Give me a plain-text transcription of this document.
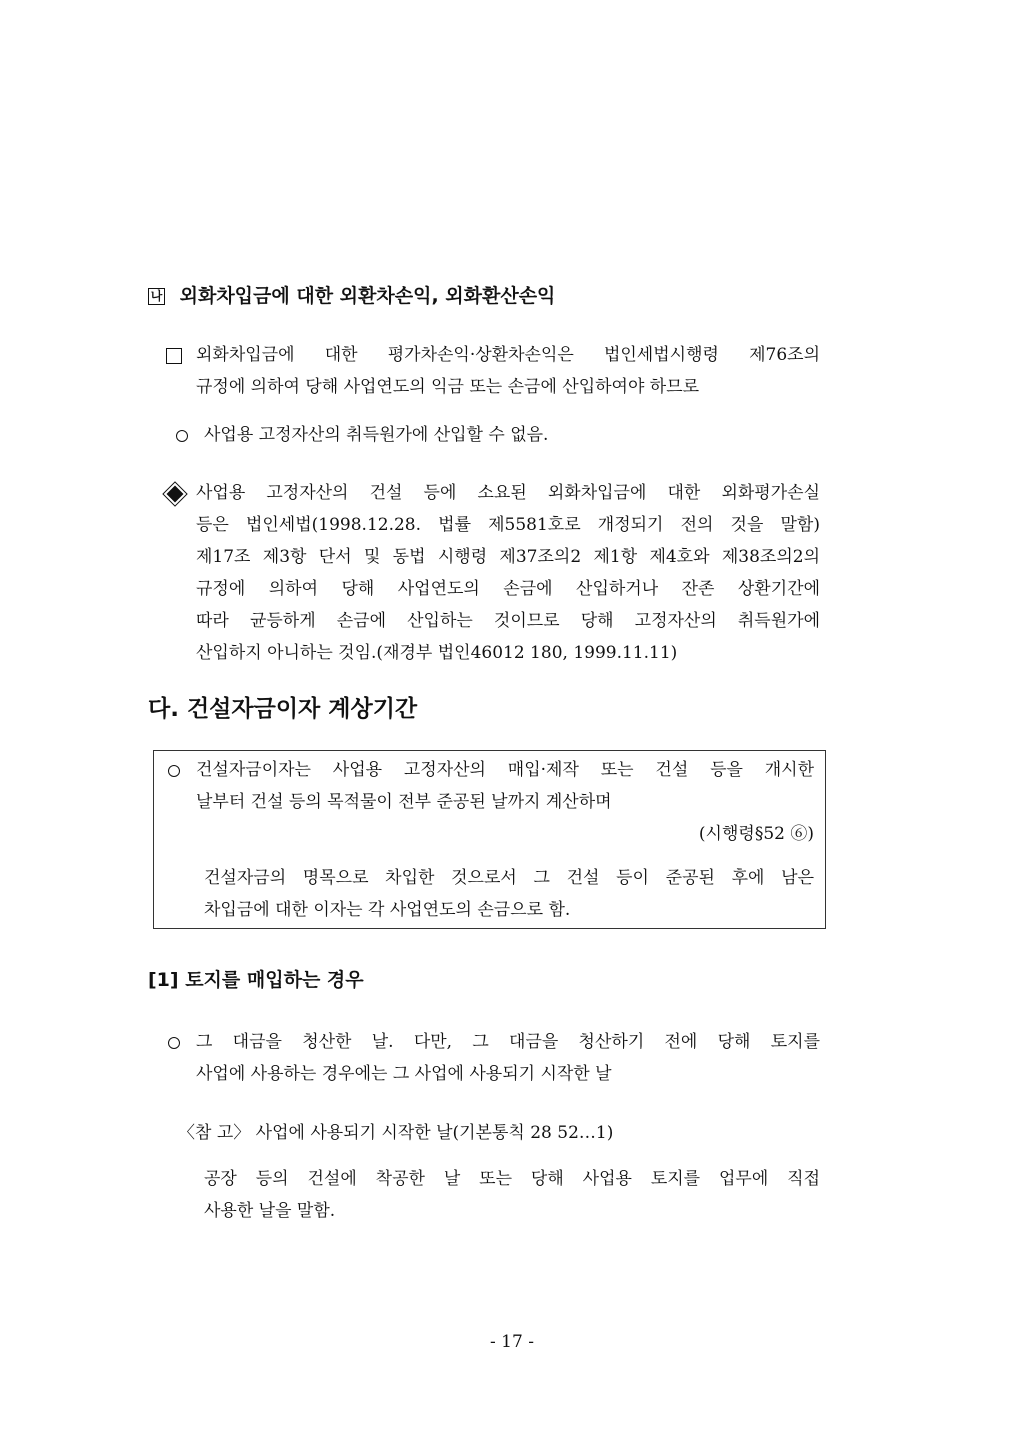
나 외화차입금에 대한 외환차손익, 외화환산손익
외화차입금에 대한 평가차손익·상환차손익은 법인세법시행령 제76조의
규정에 의하여 당해 사업연도의 익금 또는 손금에 산입하여야 하므로
사업용 고정자산의 취득원가에 산입할 수 없음.
사업용 고정자산의 건설 등에 소요된 외화차입금에 대한 외화평가손실
등은 법인세법(1998.12.28. 법률 제5581호로 개정되기 전의 것을 말함)
제17조 제3항 단서 및 동법 시행령 제37조의2 제1항 제4호와 제38조의2의
규정에 의하여 당해 사업연도의 손금에 산입하거나 잔존 상환기간에
따라 균등하게 손금에 산입하는 것이므로 당해 고정자산의 취득원가에
산입하지 아니하는 것임.(재경부 법인46012 180, 1999.11.11)
다. 건설자금이자 계상기간
건설자금이자는 사업용 고정자산의 매입·제작 또는 건설 등을 개시한
날부터 건설 등의 목적물이 전부 준공된 날까지 계산하며
(시행령§52 ⑥)
건설자금의 명목으로 차입한 것으로서 그 건설 등이 준공된 후에 남은
차입금에 대한 이자는 각 사업연도의 손금으로 함.
[1] 토지를 매입하는 경우
그 대금을 청산한 날. 다만, 그 대금을 청산하기 전에 당해 토지를
사업에 사용하는 경우에는 그 사업에 사용되기 시작한 날
〈참 고〉 사업에 사용되기 시작한 날(기본통칙 28 52…1)
공장 등의 건설에 착공한 날 또는 당해 사업용 토지를 업무에 직접
사용한 날을 말함.
- 17 -
